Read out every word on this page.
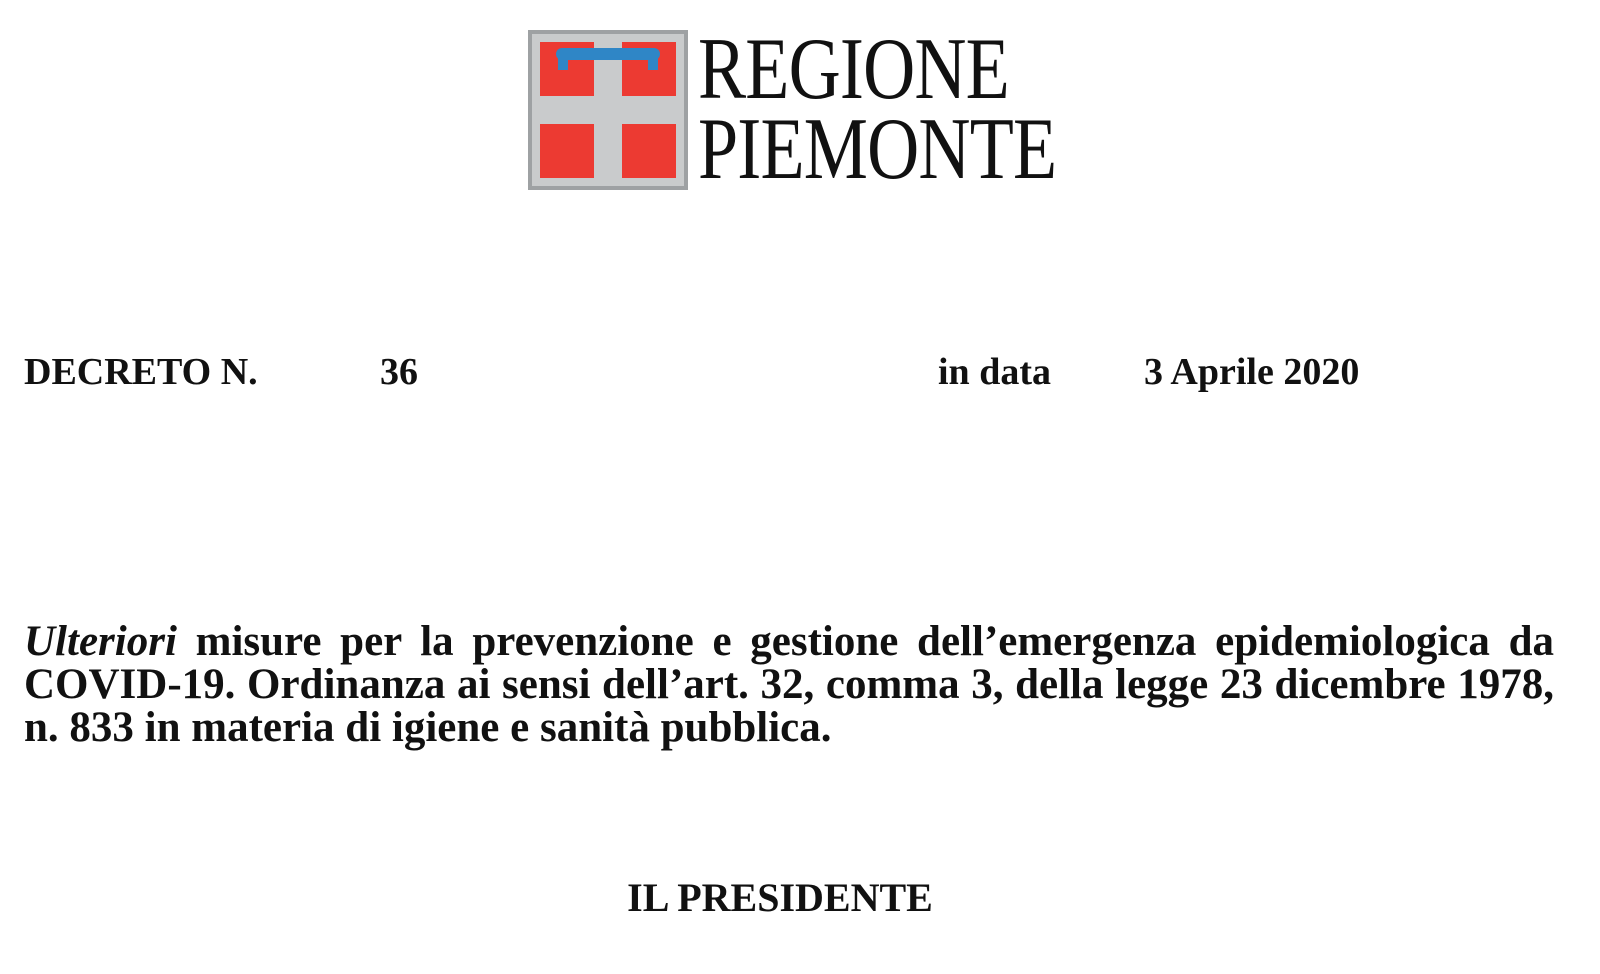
REGIONE
PIEMONTE
DECRETO N.	36	in data 3 Aprile 2020

Ulteriori misure per la prevenzione e gestione dell’emergenza epidemiologica da COVID-19. Ordinanza ai sensi dell’art. 32, comma 3, della legge 23 dicembre 1978, n. 833 in materia di igiene e sanità pubblica.

IL PRESIDENTE
